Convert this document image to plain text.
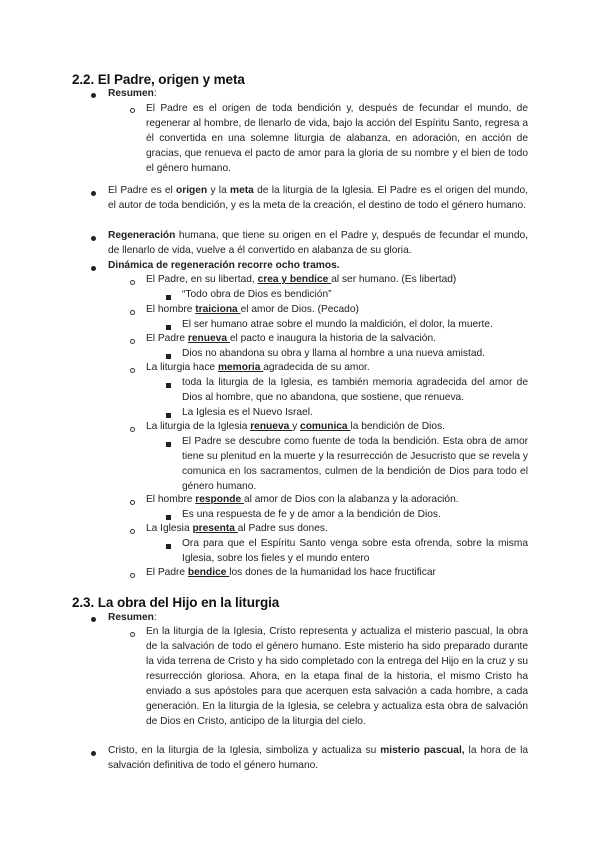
2.2. El Padre, origen y meta

Resumen:

El Padre es el origen de toda bendición y, después de fecundar el mundo, de regenerar al hombre, de llenarlo de vida, bajo la acción del Espíritu Santo, regresa a él convertida en una solemne liturgia de alabanza, en adoración, en acción de gracias, que renueva el pacto de amor para la gloria de su nombre y el bien de todo el género humano.

El Padre es el origen y la meta de la liturgia de la Iglesia. El Padre es el origen del mundo, el autor de toda bendición, y es la meta de la creación, el destino de todo el género humano.

Regeneración humana, que tiene su origen en el Padre y, después de fecundar el mundo, de llenarlo de vida, vuelve a él convertido en alabanza de su gloria.

Dinámica de regeneración recorre ocho tramos.

El Padre, en su libertad, crea y bendice al ser humano. (Es libertad)

“Todo obra de Dios es bendición”

El hombre traiciona el amor de Dios. (Pecado)

El ser humano atrae sobre el mundo la maldición, el dolor, la muerte.

El Padre renueva el pacto e inaugura la historia de la salvación.

Dios no abandona su obra y llama al hombre a una nueva amistad.

La liturgia hace memoria agradecida de su amor.

toda la liturgia de la Iglesia, es también memoria agradecida del amor de Dios al hombre, que no abandona, que sostiene, que renueva.

La Iglesia es el Nuevo Israel.

La liturgia de la Iglesia renueva y comunica la bendición de Dios.

El Padre se descubre como fuente de toda la bendición. Esta obra de amor tiene su plenitud en la muerte y la resurrección de Jesucristo que se revela y comunica en los sacramentos, culmen de la bendición de Dios para todo el género humano.

El hombre responde al amor de Dios con la alabanza y la adoración.

Es una respuesta de fe y de amor a la bendición de Dios.

La Iglesia presenta al Padre sus dones.

Ora para que el Espíritu Santo venga sobre esta ofrenda, sobre la misma Iglesia, sobre los fieles y el mundo entero

El Padre bendice los dones de la humanidad los hace fructificar

2.3. La obra del Hijo en la liturgia

Resumen:

En la liturgia de la Iglesia, Cristo representa y actualiza el misterio pascual, la obra de la salvación de todo el género humano. Este misterio ha sido preparado durante la vida terrena de Cristo y ha sido completado con la entrega del Hijo en la cruz y su resurrección gloriosa. Ahora, en la etapa final de la historia, el mismo Cristo ha enviado a sus apóstoles para que acerquen esta salvación a cada hombre, a cada generación. En la liturgia de la Iglesia, se celebra y actualiza esta obra de salvación de Dios en Cristo, anticipo de la liturgia del cielo.

Cristo, en la liturgia de la Iglesia, simboliza y actualiza su misterio pascual, la hora de la salvación definitiva de todo el género humano.
